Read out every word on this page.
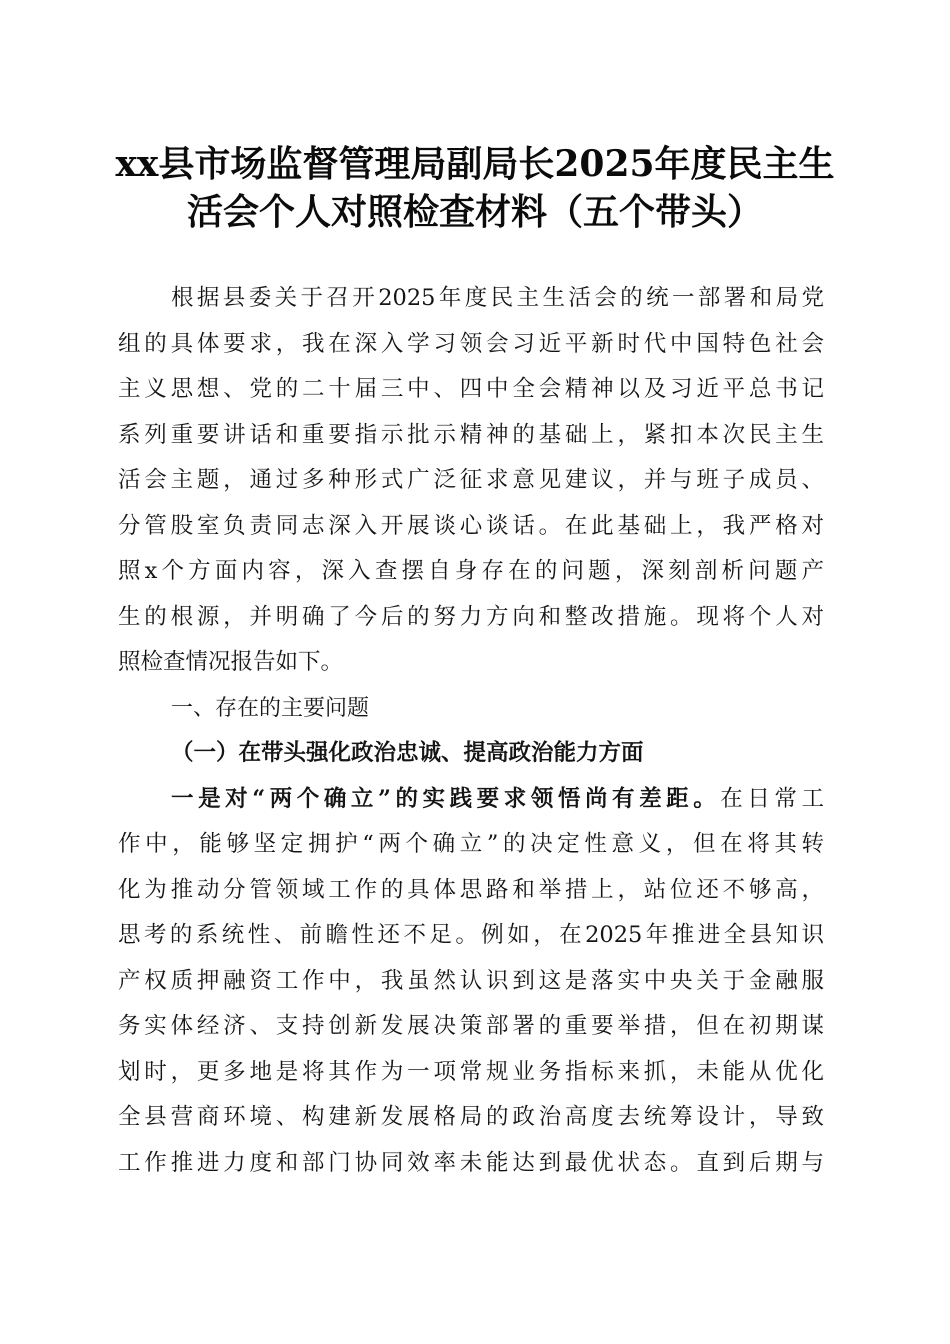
xx县市场监督管理局副局长2025年度民主生
活会个人对照检查材料（五个带头）
根据县委关于召开2025年度民主生活会的统一部署和局党
组的具体要求，我在深入学习领会习近平新时代中国特色社会
主义思想、党的二十届三中、四中全会精神以及习近平总书记
系列重要讲话和重要指示批示精神的基础上，紧扣本次民主生
活会主题，通过多种形式广泛征求意见建议，并与班子成员、
分管股室负责同志深入开展谈心谈话。在此基础上，我严格对
照x个方面内容，深入查摆自身存在的问题，深刻剖析问题产
生的根源，并明确了今后的努力方向和整改措施。现将个人对
照检查情况报告如下。
一、存在的主要问题
（一）在带头强化政治忠诚、提高政治能力方面
一是对“两个确立”的实践要求领悟尚有差距。在日常工
作中，能够坚定拥护“两个确立”的决定性意义，但在将其转
化为推动分管领域工作的具体思路和举措上，站位还不够高，
思考的系统性、前瞻性还不足。例如，在2025年推进全县知识
产权质押融资工作中，我虽然认识到这是落实中央关于金融服
务实体经济、支持创新发展决策部署的重要举措，但在初期谋
划时，更多地是将其作为一项常规业务指标来抓，未能从优化
全县营商环境、构建新发展格局的政治高度去统筹设计，导致
工作推进力度和部门协同效率未能达到最优状态。直到后期与
